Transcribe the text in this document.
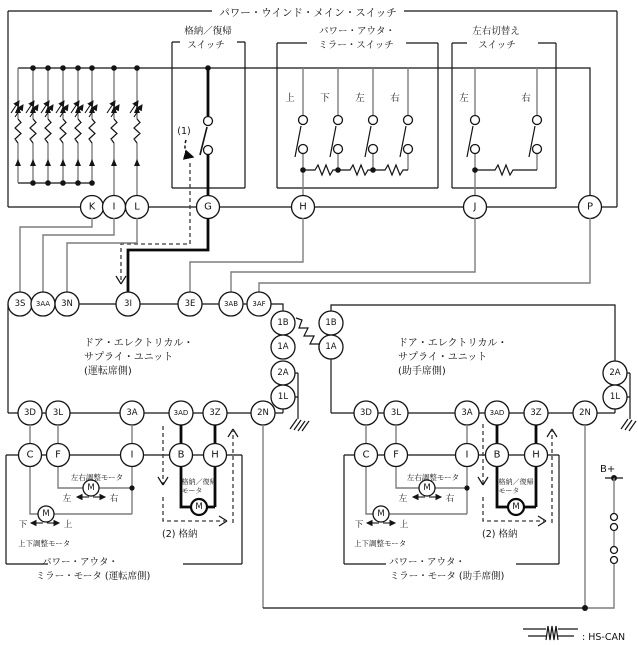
パワー・ウインド・メイン・スイッチ
格納／復帰
スイッチ
(1)
パワー・アウタ・
ミラー・スイッチ
上	下	左	右
左右切替え
スイッチ
左	右
K I L	G	H	J	P
ドア・エレクトリカル・
サプライ・ユニット
(運転席側)
3S 3AA 3N	3I	3E	3AB 3AF
1B
1A
2A
1L
3D 3L	3A	3AD 3Z	2N
ドア・エレクトリカル・
サプライ・ユニット
(助手席側)
1B
1A
2A
1L
3D 3L	3A 3AD	3Z	2N
M
M
M
左右調整モータ
左	右
下	上
上下調整モータ
格納／復帰
モータ
(2) 格納
パワー・アウタ・
ミラー・モータ (運転席側)
C F	I	B	H
M
M
M
左右調整モータ
左	右
下	上
上下調整モータ
格納／復帰
モータ
(2) 格納
パワー・アウタ・
ミラー・モータ (助手席側)
C F	I	B	H
B+
: HS-CAN
